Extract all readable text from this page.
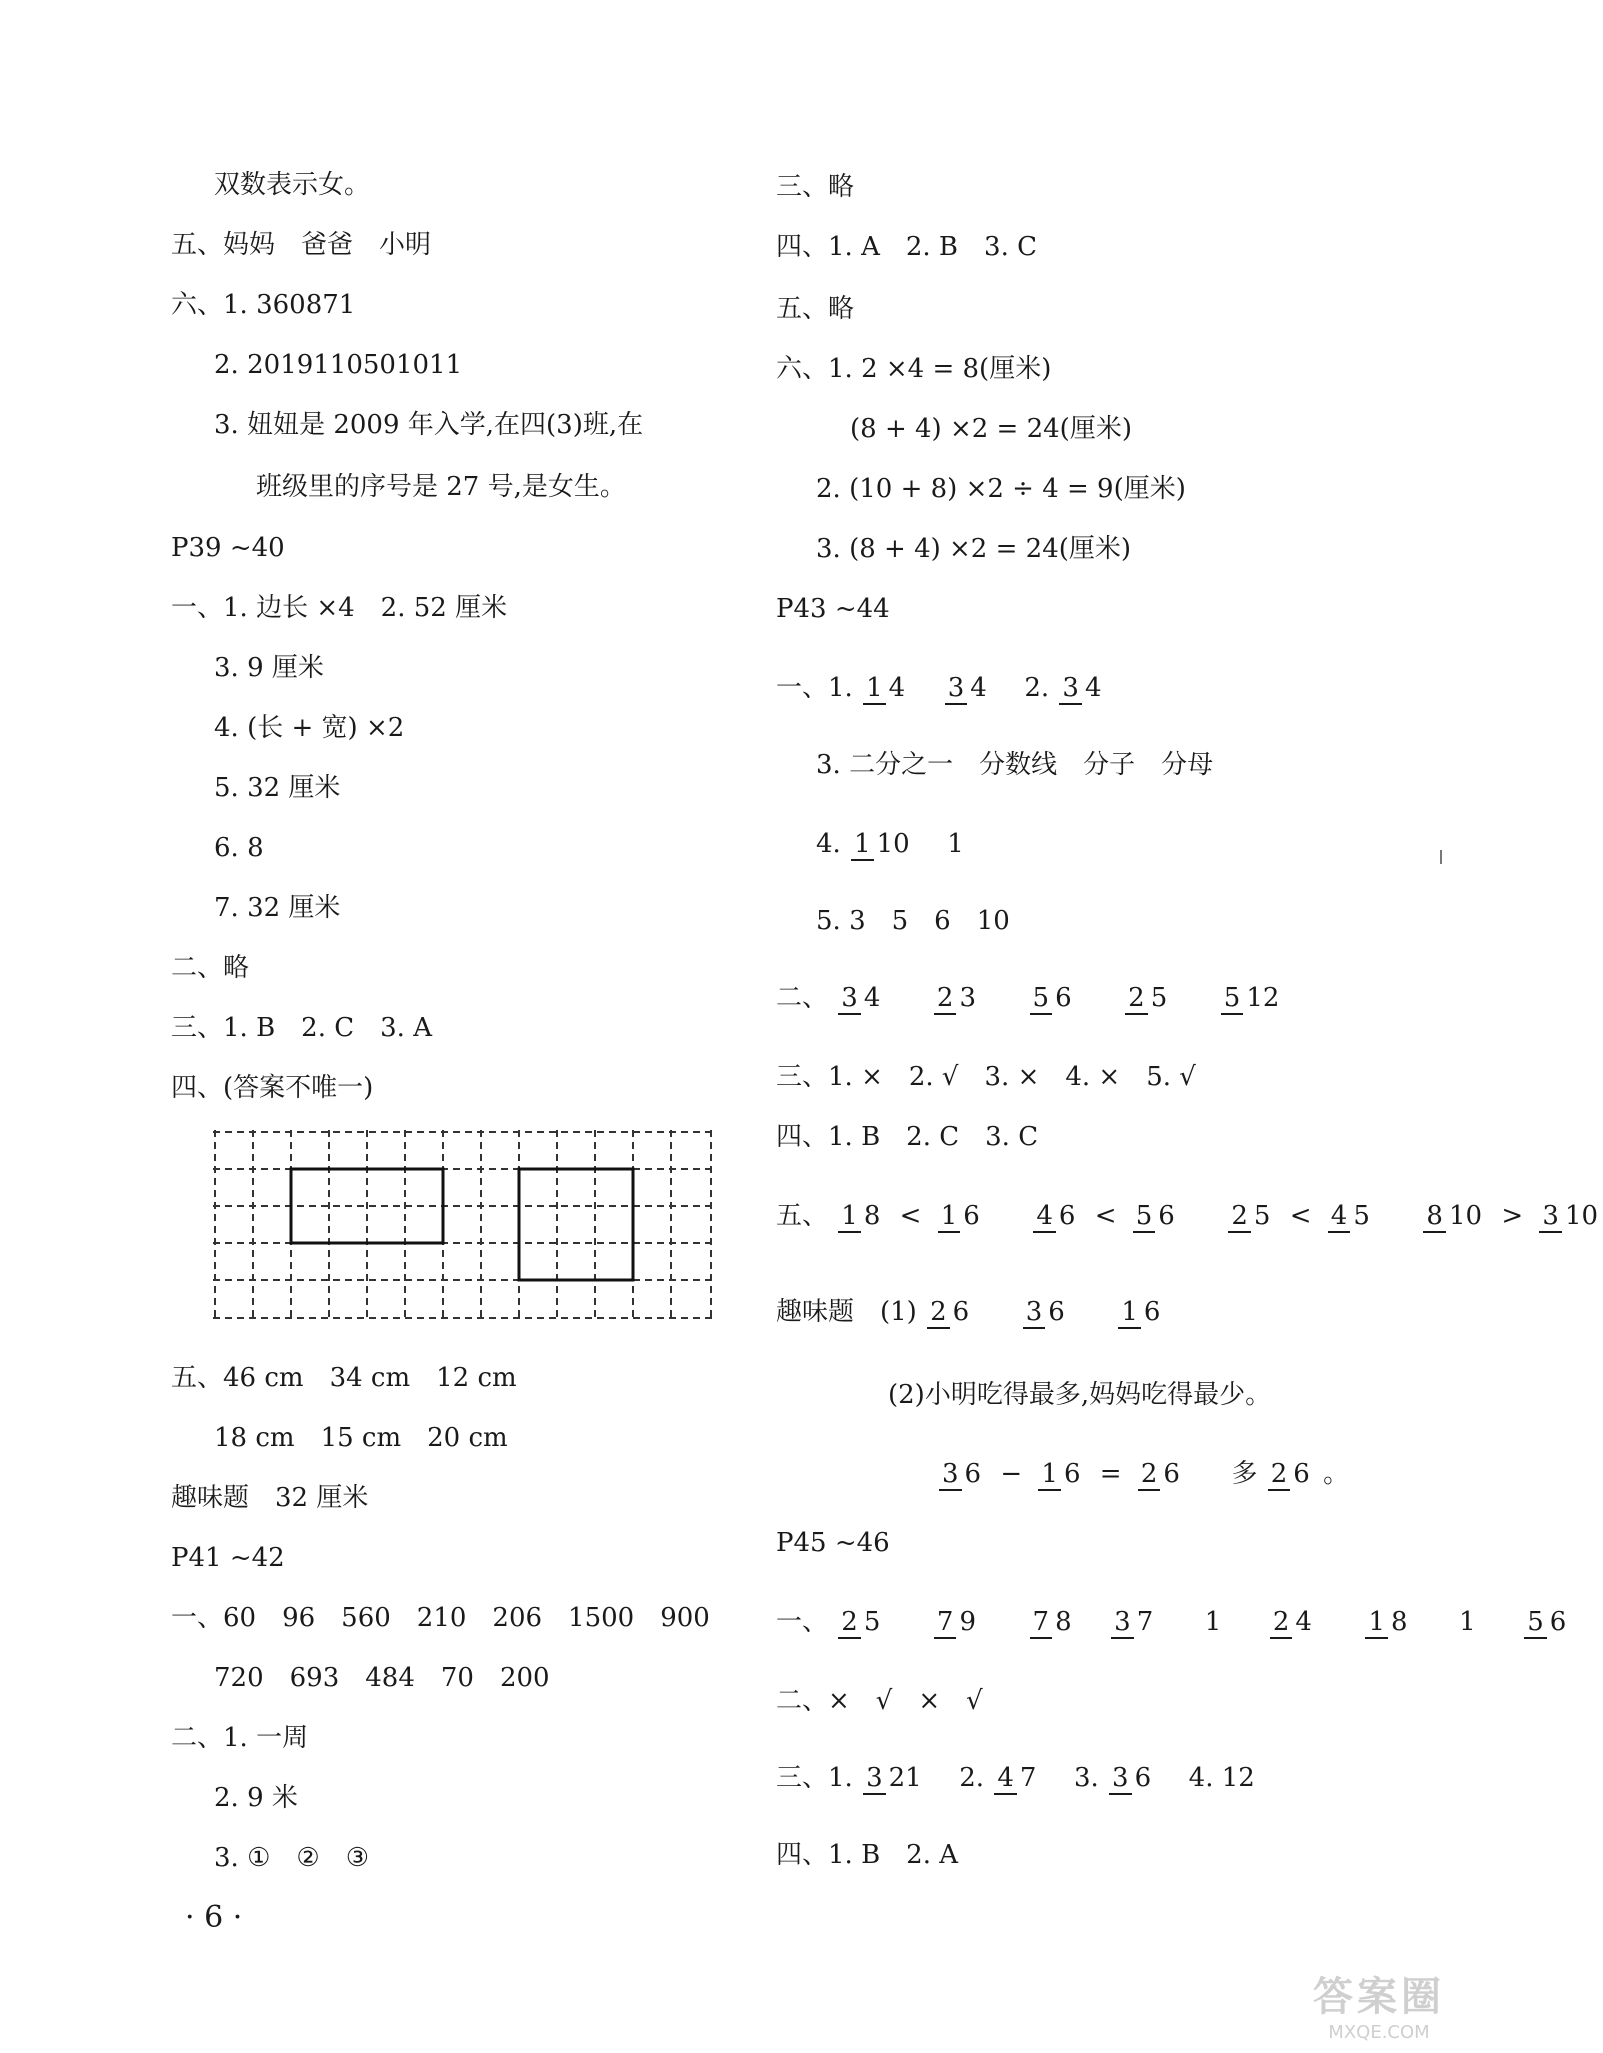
双数表示女。
五、妈妈　爸爸　小明
六、1. 360871
2. 2019110501011
3. 妞妞是 2009 年入学,在四(3)班,在
班级里的序号是 27 号,是女生。
P39 ~40
一、1. 边长 ×4　2. 52 厘米
3. 9 厘米
4. (长 + 宽) ×2
5. 32 厘米
6. 8
7. 32 厘米
二、略
三、1. B　2. C　3. A
四、(答案不唯一)
五、46 cm　34 cm　12 cm
18 cm　15 cm　20 cm
趣味题　32 厘米
P41 ~42
一、60　96　560　210　206　1500　900
720　693　484　70　200
二、1. 一周
2. 9 米
3. ①　②　③
· 6 ·
三、略
四、1. A　2. B　3. C
五、略
六、1. 2 ×4 = 8(厘米)
(8 + 4) ×2 = 24(厘米)
2. (10 + 8) ×2 ÷ 4 = 9(厘米)
3. (8 + 4) ×2 = 24(厘米)
P43 ~44
一、1. 1 4 3 4 2. 3 4
3. 二分之一　分数线　分子　分母
4. 1 10 1
5. 3　5　6　10
二、 3 4 2 3 5 6 2 5 5 12
三、1. ×　2. √　3. ×　4. ×　5. √
四、1. B　2. C　3. C
五、 1 8 < 1 6 4 6 < 5 6 2 5 < 4 5 8 10 > 3 10
趣味题　(1) 2 6 3 6 1 6
(2)小明吃得最多,妈妈吃得最少。
3 6 − 1 6 = 2 6 多 2 6 。
P45 ~46
一、 2 5 7 9 7 8 3 7 1 2 4 1 8 1 5 6
二、×　√　×　√
三、1. 3 21 2. 4 7 3. 3 6 4. 12
四、1. B　2. A
答案圈
MXQE.COM
